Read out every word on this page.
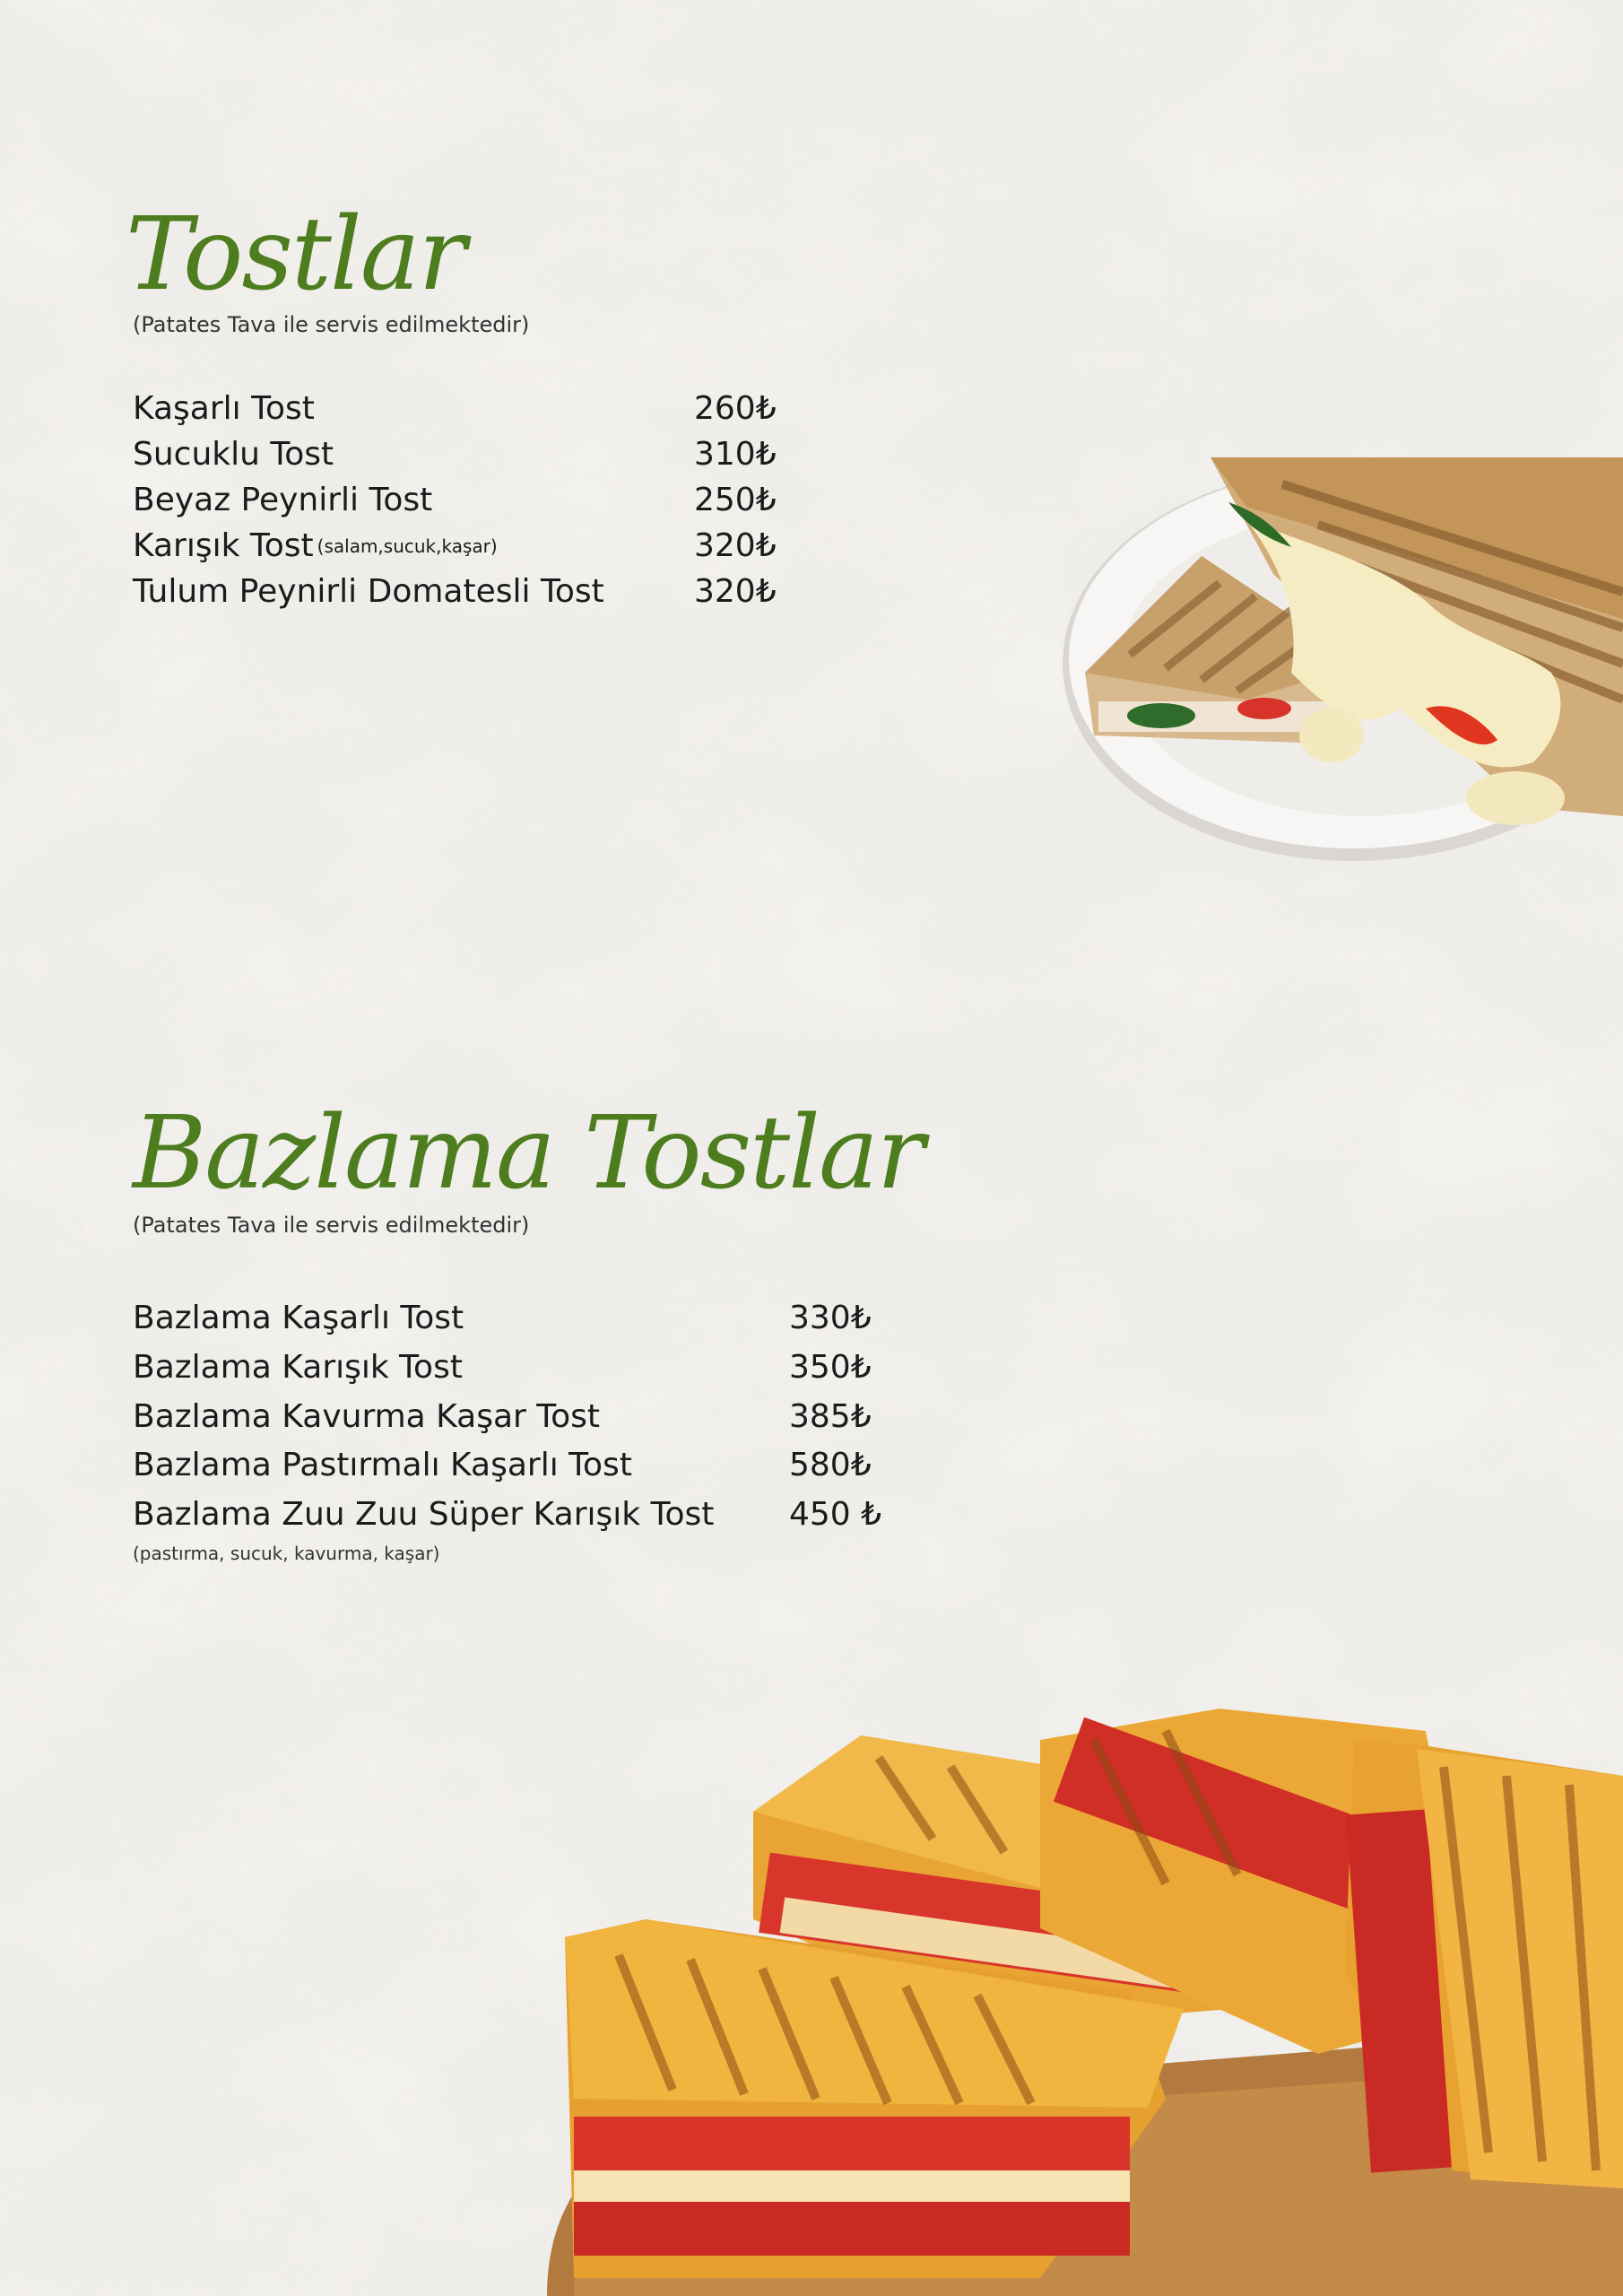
Tostlar
(Patates Tava ile servis edilmektedir)
Kaşarlı Tost	260₺
Sucuklu Tost	310₺
Beyaz Peynirli Tost	250₺
Karışık Tost (salam,sucuk,kaşar)	320₺
Tulum Peynirli Domatesli Tost	320₺
Bazlama Tostlar
(Patates Tava ile servis edilmektedir)
Bazlama Kaşarlı Tost	330₺
Bazlama Karışık Tost	350₺
Bazlama Kavurma Kaşar Tost	385₺
Bazlama Pastırmalı Kaşarlı Tost	580₺
Bazlama Zuu Zuu Süper Karışık Tost 450 ₺
(pastırma, sucuk, kavurma, kaşar)
